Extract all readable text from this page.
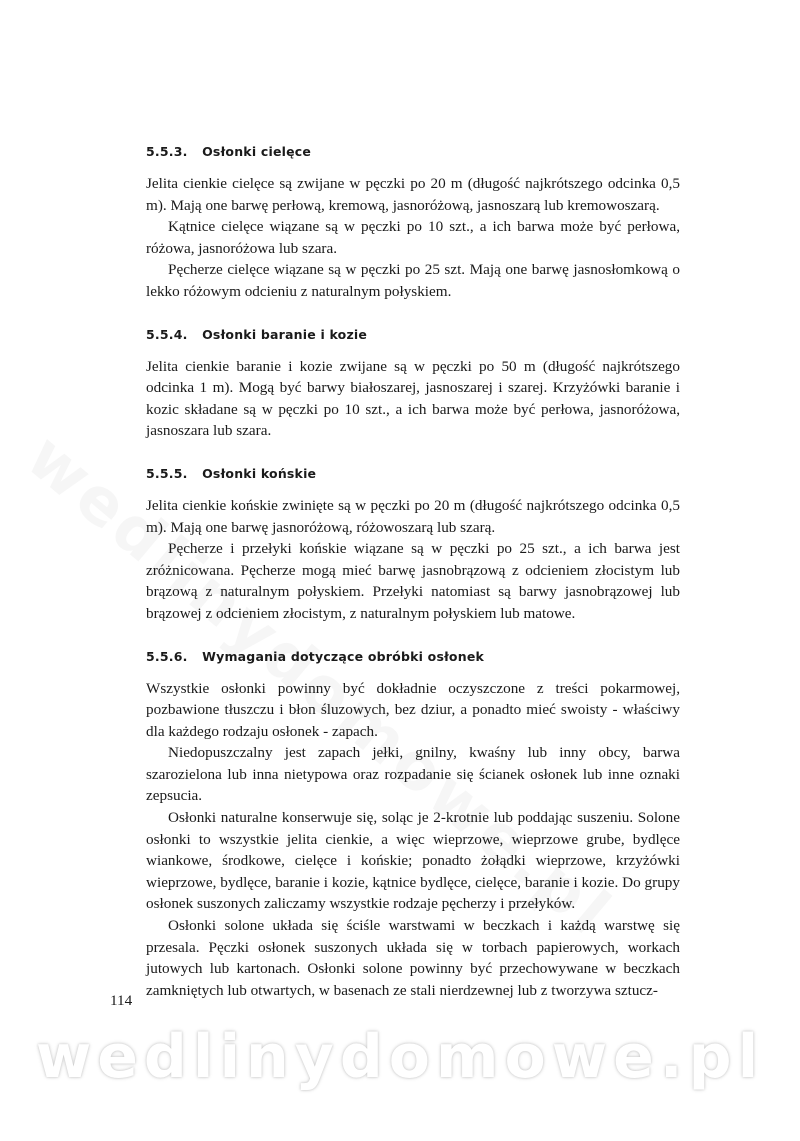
5.5.3. Osłonki cielęce

Jelita cienkie cielęce są zwijane w pęczki po 20 m (długość najkrótszego odcinka 0,5 m). Mają one barwę perłową, kremową, jasnoróżową, jasnoszarą lub kremowoszarą.

Kątnice cielęce wiązane są w pęczki po 10 szt., a ich barwa może być perłowa, różowa, jasnoróżowa lub szara.

Pęcherze cielęce wiązane są w pęczki po 25 szt. Mają one barwę jasnosłomkową o lekko różowym odcieniu z naturalnym połyskiem.

5.5.4. Osłonki baranie i kozie

Jelita cienkie baranie i kozie zwijane są w pęczki po 50 m (długość najkrótszego odcinka 1 m). Mogą być barwy białoszarej, jasnoszarej i szarej. Krzyżówki baranie i kozic składane są w pęczki po 10 szt., a ich barwa może być perłowa, jasnoróżowa, jasnoszara lub szara.

5.5.5. Osłonki końskie

Jelita cienkie końskie zwinięte są w pęczki po 20 m (długość najkrótszego odcinka 0,5 m). Mają one barwę jasnoróżową, różowoszarą lub szarą.

Pęcherze i przełyki końskie wiązane są w pęczki po 25 szt., a ich barwa jest zróżnicowana. Pęcherze mogą mieć barwę jasnobrązową z odcieniem złocistym lub brązową z naturalnym połyskiem. Przełyki natomiast są barwy jasnobrązowej lub brązowej z odcieniem złocistym, z naturalnym połyskiem lub matowe.

5.5.6. Wymagania dotyczące obróbki osłonek

Wszystkie osłonki powinny być dokładnie oczyszczone z treści pokarmowej, pozbawione tłuszczu i błon śluzowych, bez dziur, a ponadto mieć swoisty - właściwy dla każdego rodzaju osłonek - zapach.

Niedopuszczalny jest zapach jełki, gnilny, kwaśny lub inny obcy, barwa szarozielona lub inna nietypowa oraz rozpadanie się ścianek osłonek lub inne oznaki zepsucia.

Osłonki naturalne konserwuje się, soląc je 2-krotnie lub poddając suszeniu. Solone osłonki to wszystkie jelita cienkie, a więc wieprzowe, wieprzowe grube, bydlęce wiankowe, środkowe, cielęce i końskie; ponadto żołądki wieprzowe, krzyżówki wieprzowe, bydlęce, baranie i kozie, kątnice bydlęce, cielęce, baranie i kozie. Do grupy osłonek suszonych zaliczamy wszystkie rodzaje pęcherzy i przełyków.

Osłonki solone układa się ściśle warstwami w beczkach i każdą warstwę się przesala. Pęczki osłonek suszonych układa się w torbach papierowych, workach jutowych lub kartonach. Osłonki solone powinny być przechowywane w beczkach zamkniętych lub otwartych, w basenach ze stali nierdzewnej lub z tworzywa sztucz-

114
wedlinydomowe.pl
